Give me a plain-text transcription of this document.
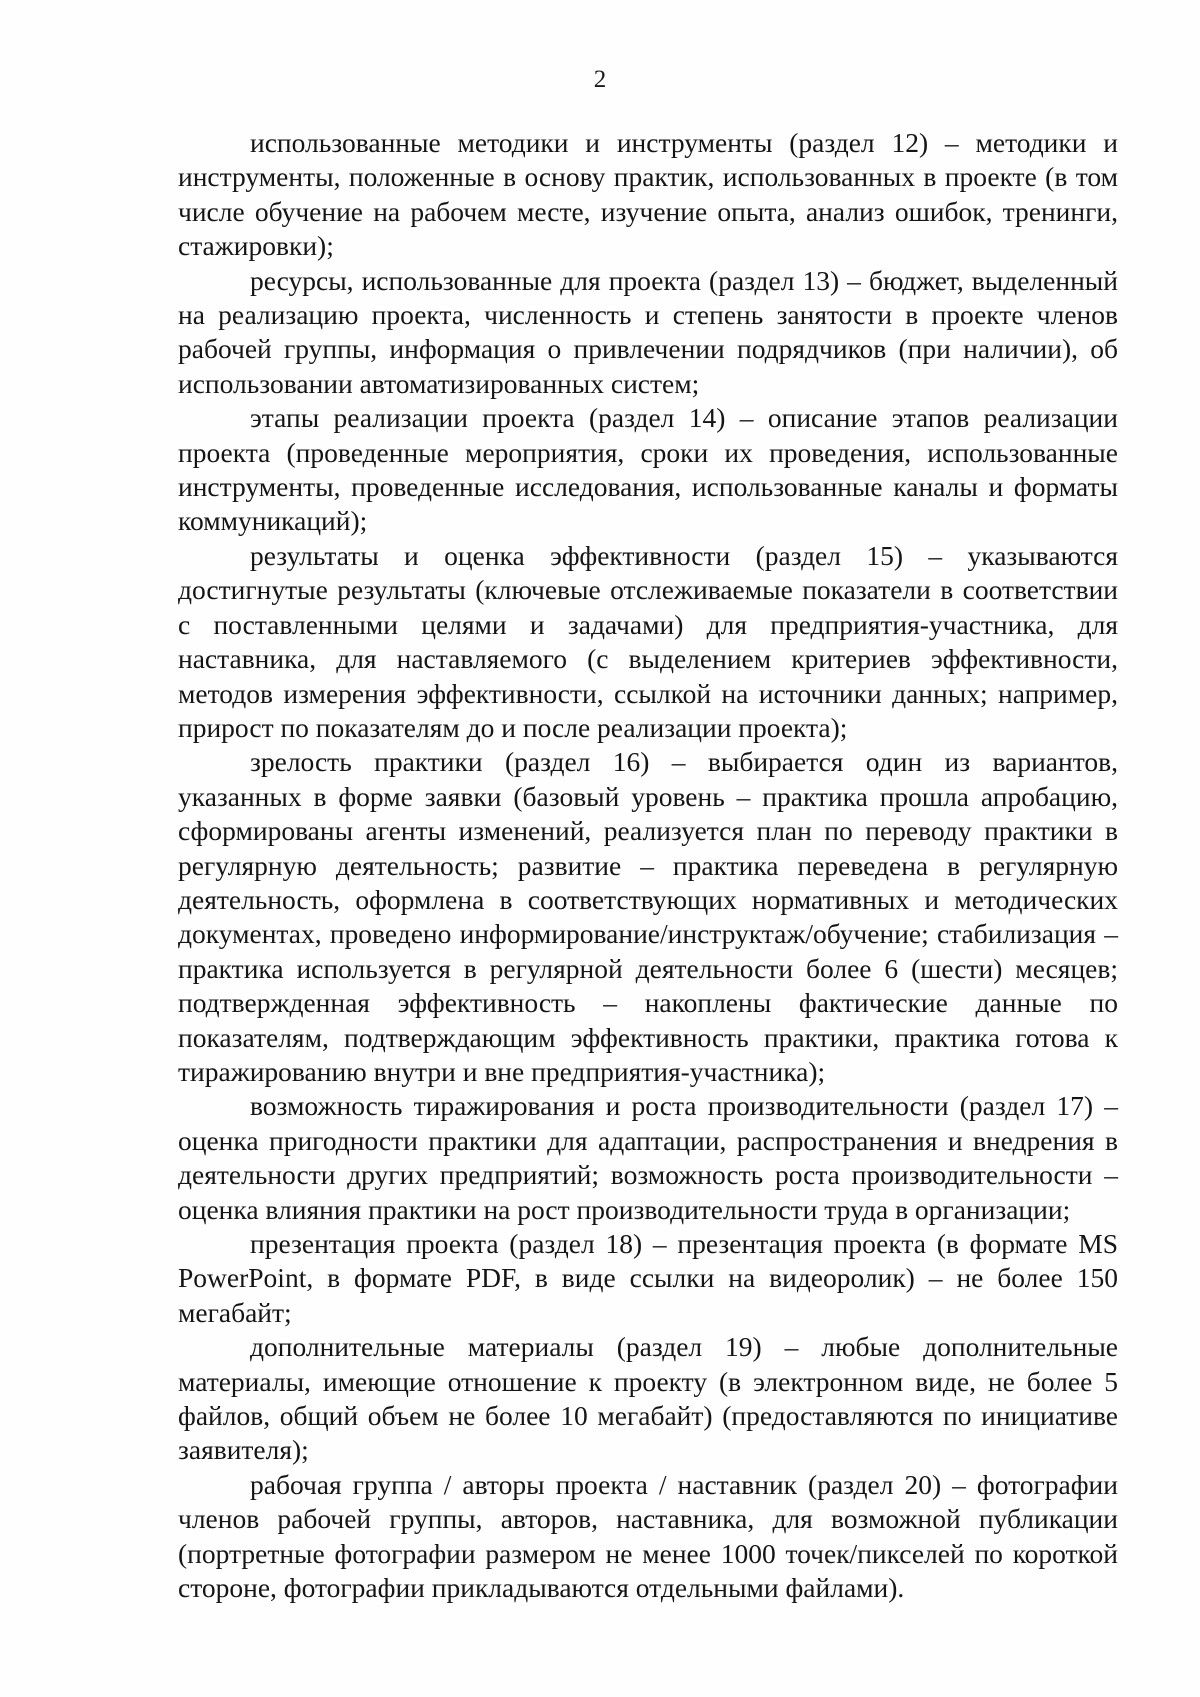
2

использованные методики и инструменты (раздел 12) – методики и инструменты, положенные в основу практик, использованных в проекте (в том числе обучение на рабочем месте, изучение опыта, анализ ошибок, тренинги, стажировки);

ресурсы, использованные для проекта (раздел 13) – бюджет, выделенный на реализацию проекта, численность и степень занятости в проекте членов рабочей группы, информация о привлечении подрядчиков (при наличии), об использовании автоматизированных систем;

этапы реализации проекта (раздел 14) – описание этапов реализации проекта (проведенные мероприятия, сроки их проведения, использованные инструменты, проведенные исследования, использованные каналы и форматы коммуникаций);

результаты и оценка эффективности (раздел 15) – указываются достигнутые результаты (ключевые отслеживаемые показатели в соответствии с поставленными целями и задачами) для предприятия-участника, для наставника, для наставляемого (с выделением критериев эффективности, методов измерения эффективности, ссылкой на источники данных; например, прирост по показателям до и после реализации проекта);

зрелость практики (раздел 16) – выбирается один из вариантов, указанных в форме заявки (базовый уровень – практика прошла апробацию, сформированы агенты изменений, реализуется план по переводу практики в регулярную деятельность; развитие – практика переведена в регулярную деятельность, оформлена в соответствующих нормативных и методических документах, проведено информирование/инструктаж/обучение; стабилизация – практика используется в регулярной деятельности более 6 (шести) месяцев; подтвержденная эффективность – накоплены фактические данные по показателям, подтверждающим эффективность практики, практика готова к тиражированию внутри и вне предприятия-участника);

возможность тиражирования и роста производительности (раздел 17) – оценка пригодности практики для адаптации, распространения и внедрения в деятельности других предприятий; возможность роста производительности – оценка влияния практики на рост производительности труда в организации;

презентация проекта (раздел 18) – презентация проекта (в формате MS PowerPoint, в формате PDF, в виде ссылки на видеоролик) – не более 150 мегабайт;

дополнительные материалы (раздел 19) – любые дополнительные материалы, имеющие отношение к проекту (в электронном виде, не более 5 файлов, общий объем не более 10 мегабайт) (предоставляются по инициативе заявителя);

рабочая группа / авторы проекта / наставник (раздел 20) – фотографии членов рабочей группы, авторов, наставника, для возможной публикации (портретные фотографии размером не менее 1000 точек/пикселей по короткой стороне, фотографии прикладываются отдельными файлами).
